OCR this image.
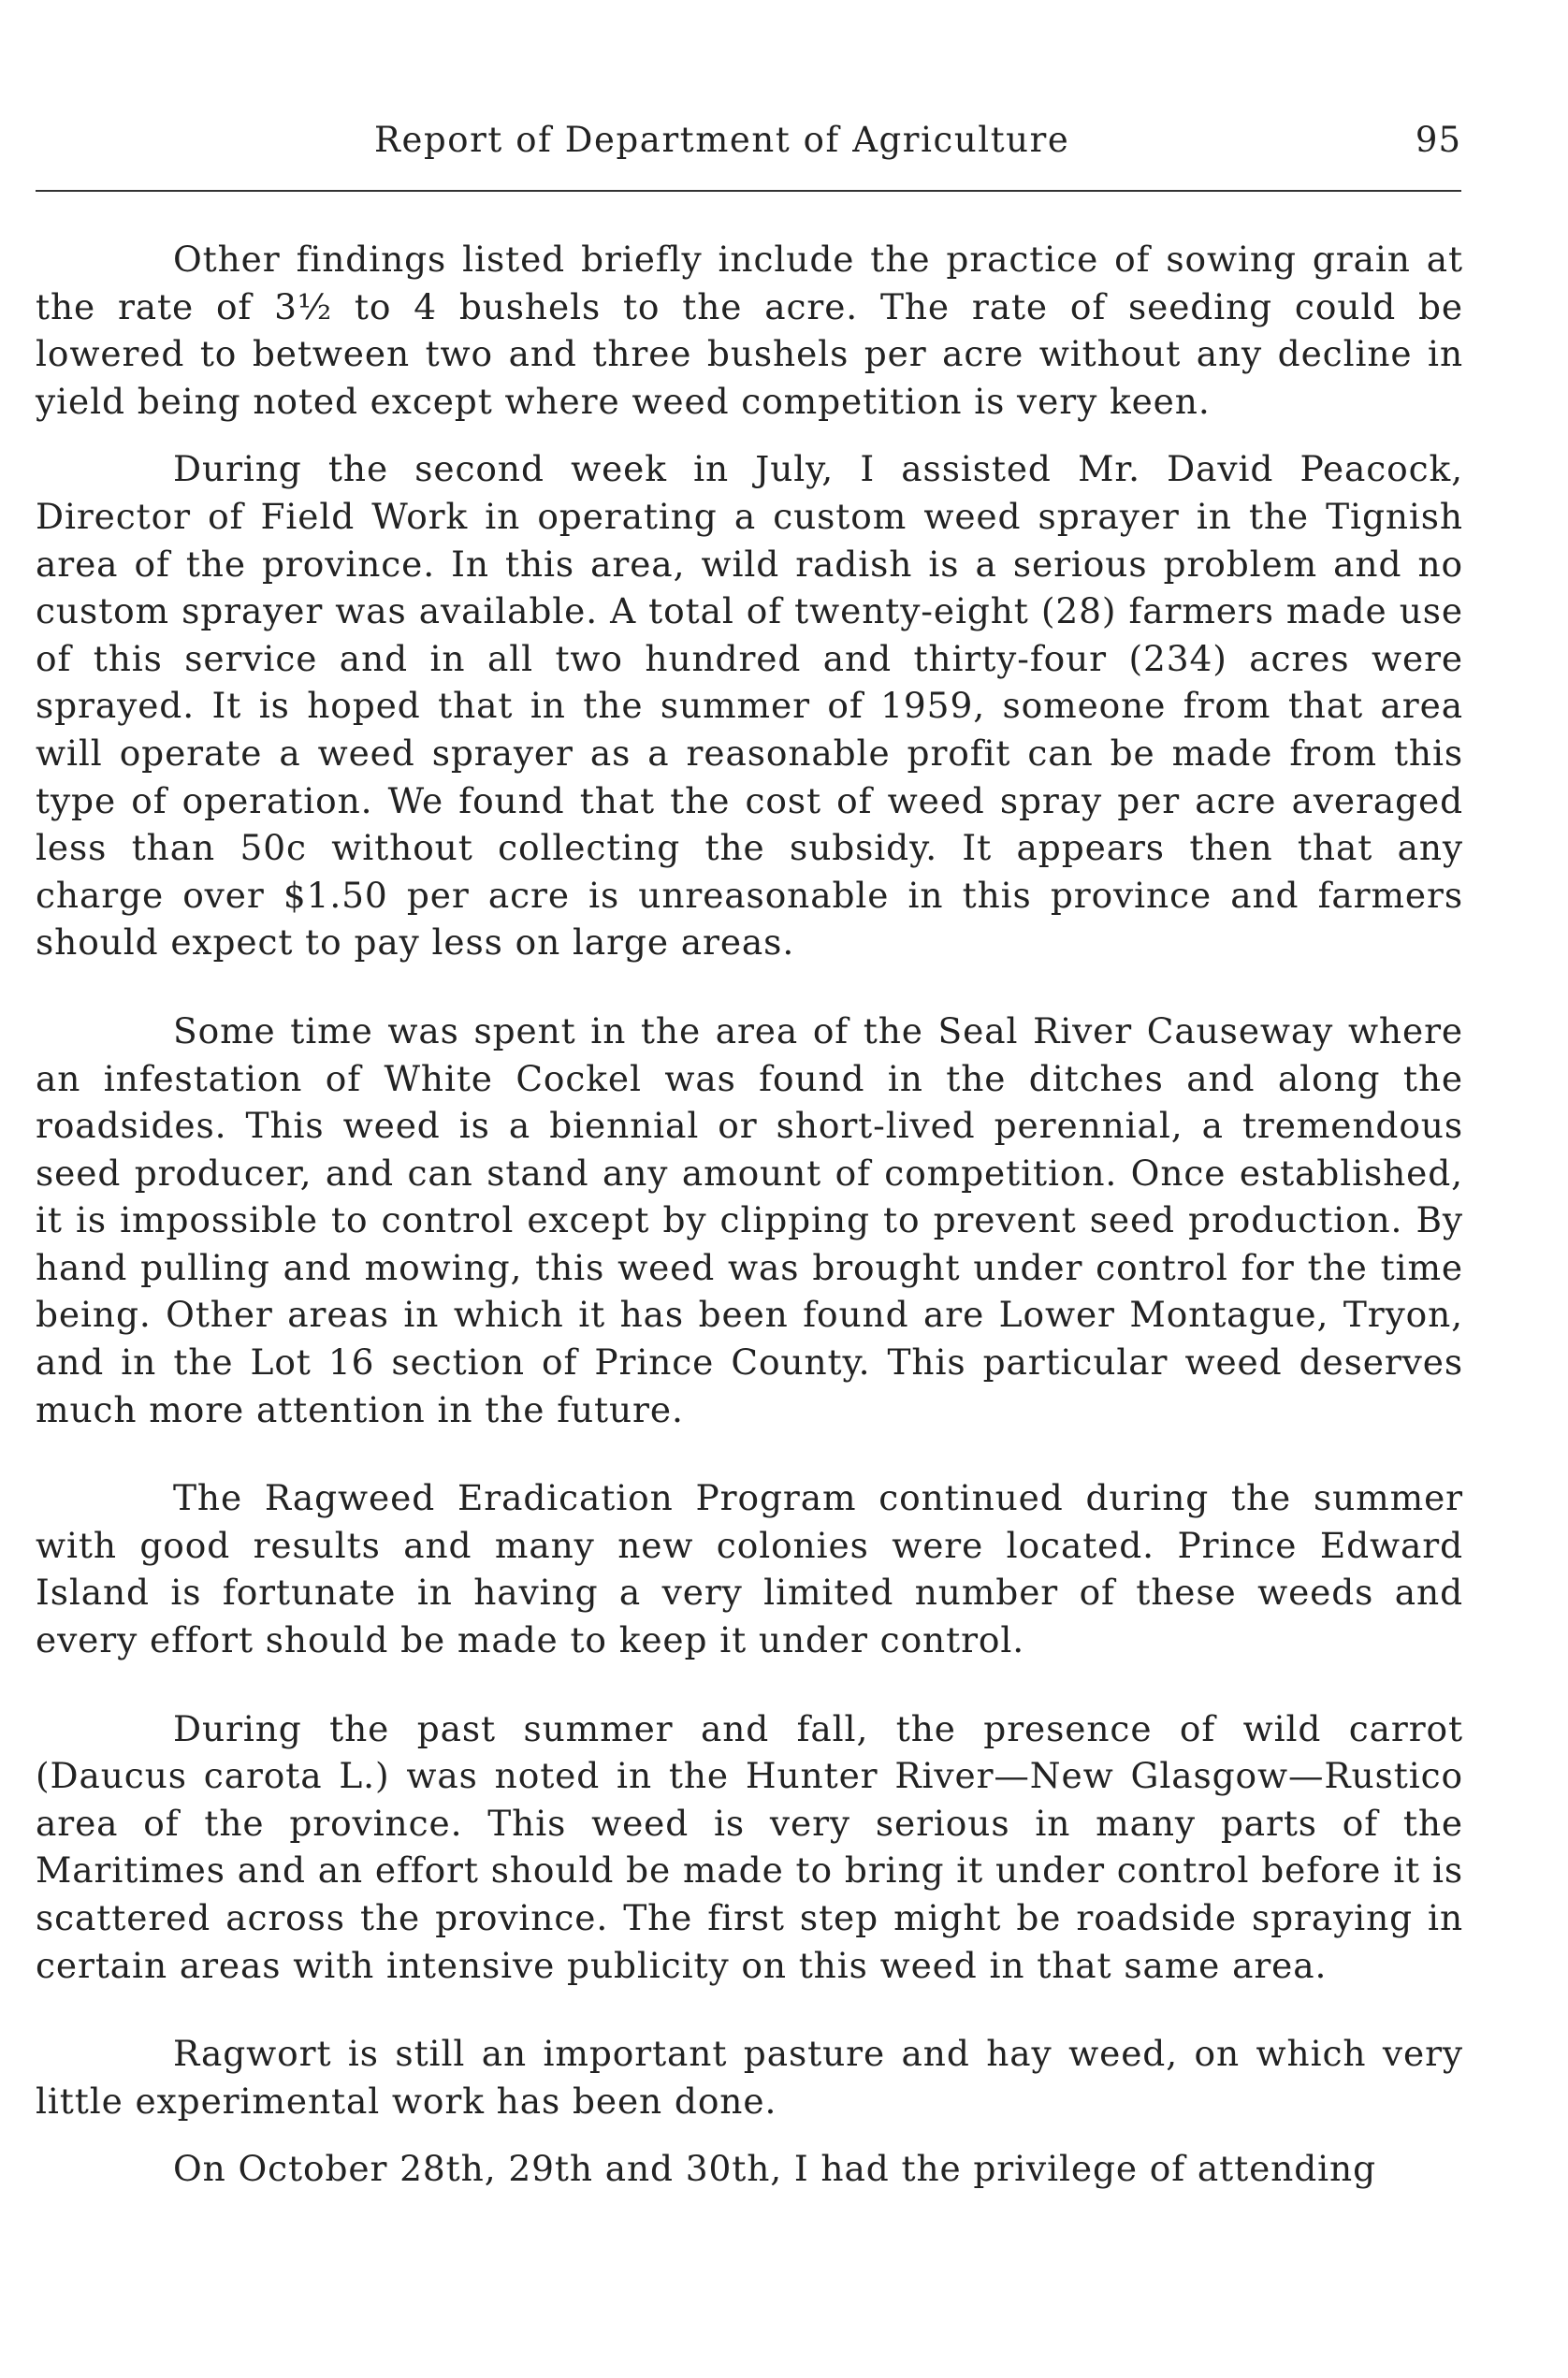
Report of Department of Agriculture	95

Other findings listed briefly include the practice of sowing grain at the rate of 3½ to 4 bushels to the acre. The rate of seeding could be lowered to between two and three bushels per acre without any decline in yield being noted except where weed competition is very keen.

During the second week in July, I assisted Mr. David Peacock, Director of Field Work in operating a custom weed sprayer in the Tignish area of the province. In this area, wild radish is a serious problem and no custom sprayer was available. A total of twenty-eight (28) farmers made use of this service and in all two hundred and thirty-four (234) acres were sprayed. It is hoped that in the summer of 1959, someone from that area will operate a weed sprayer as a reasonable profit can be made from this type of operation. We found that the cost of weed spray per acre averaged less than 50c without collecting the subsidy. It appears then that any charge over $1.50 per acre is unreasonable in this province and farmers should expect to pay less on large areas.

Some time was spent in the area of the Seal River Causeway where an infestation of White Cockel was found in the ditches and along the roadsides. This weed is a biennial or short-lived perennial, a tremendous seed producer, and can stand any amount of competition. Once established, it is impossible to control except by clipping to prevent seed production. By hand pulling and mowing, this weed was brought under control for the time being. Other areas in which it has been found are Lower Montague, Tryon, and in the Lot 16 section of Prince County. This particular weed deserves much more attention in the future.

The Ragweed Eradication Program continued during the summer with good results and many new colonies were located. Prince Edward Island is fortunate in having a very limited number of these weeds and every effort should be made to keep it under control.

During the past summer and fall, the presence of wild carrot (Daucus carota L.) was noted in the Hunter River—New Glasgow—Rustico area of the province. This weed is very serious in many parts of the Maritimes and an effort should be made to bring it under control before it is scattered across the province. The first step might be roadside spraying in certain areas with intensive publicity on this weed in that same area.

Ragwort is still an important pasture and hay weed, on which very little experimental work has been done.

On October 28th, 29th and 30th, I had the privilege of attending
